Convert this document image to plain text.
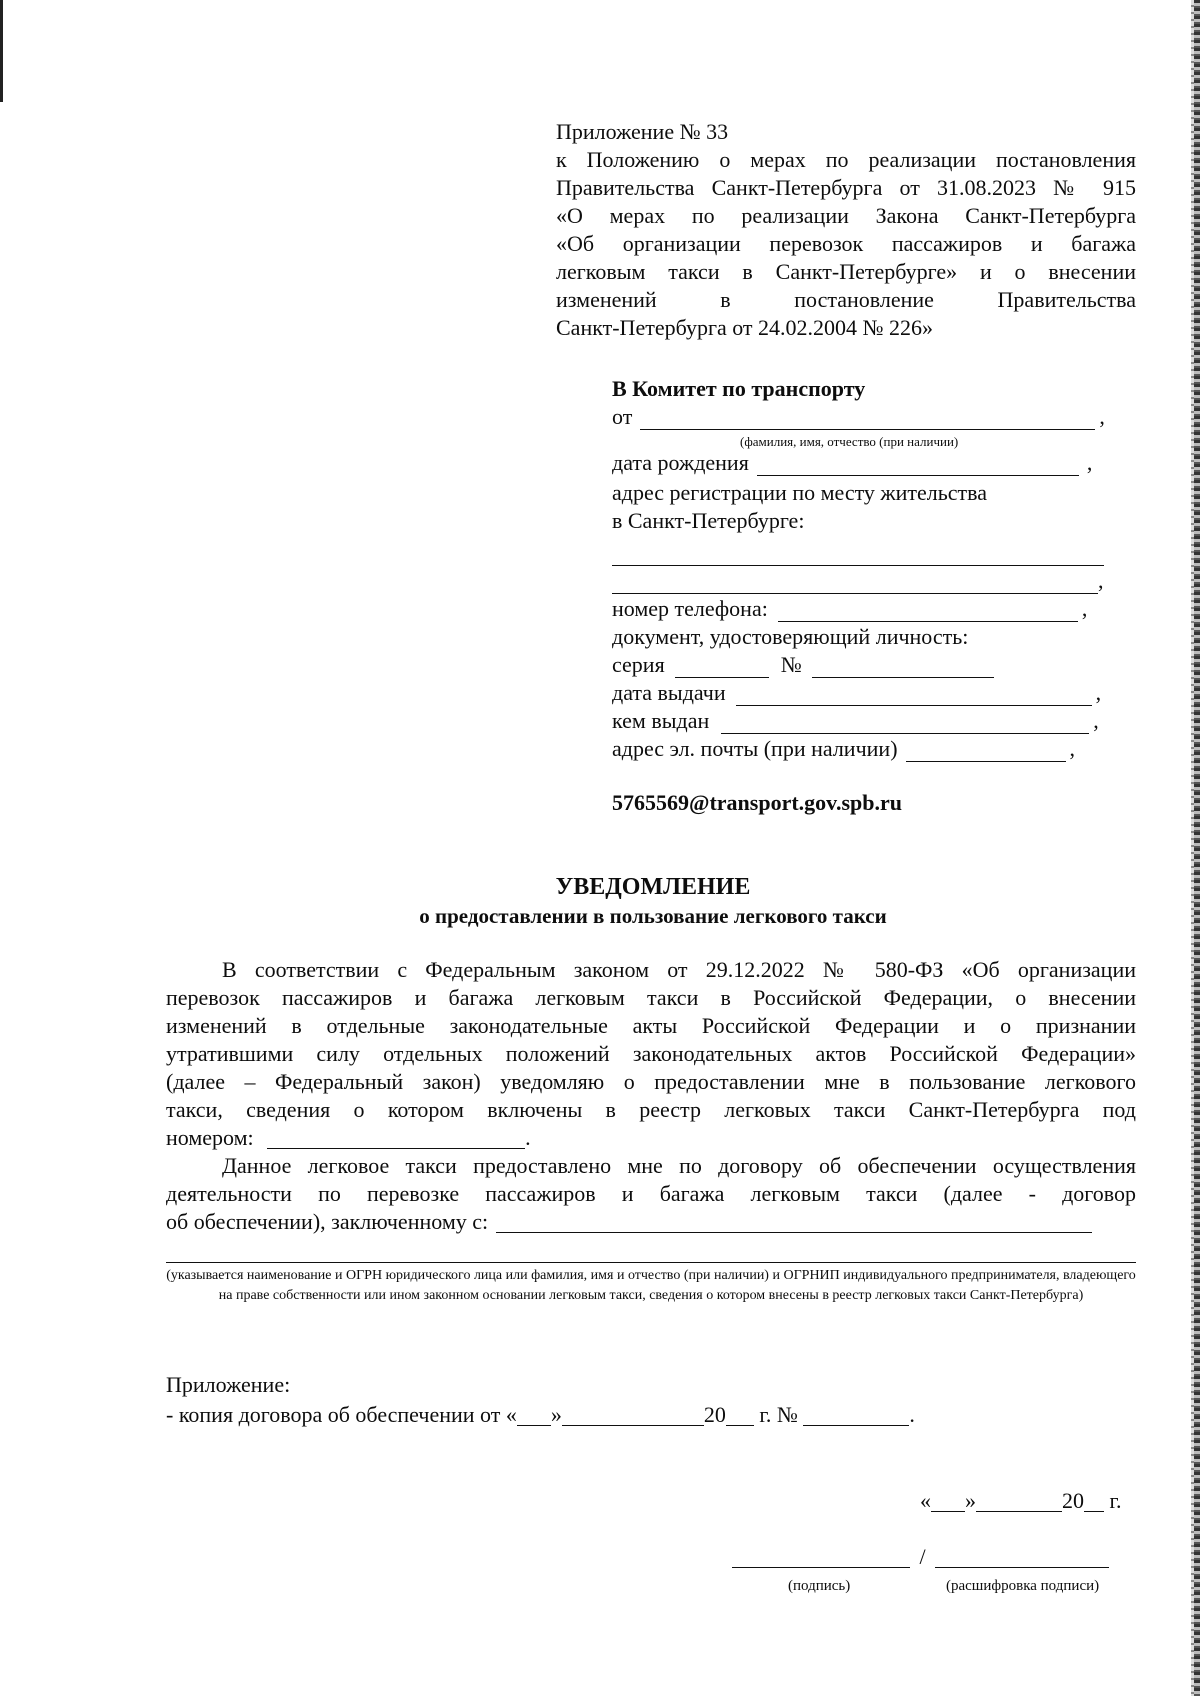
Приложение № 33
к Положению о мерах по реализации постановления
Правительства Санкт-Петербурга от 31.08.2023 № 915
«О мерах по реализации Закона Санкт-Петербурга
«Об организации перевозок пассажиров и багажа
легковым такси в Санкт-Петербурге» и о внесении
изменений в постановление Правительства
Санкт-Петербурга от 24.02.2004 № 226»
В Комитет по транспорту
от	,
(фамилия, имя, отчество (при наличии)
дата рождения	,
адрес регистрации по месту жительства
в Санкт-Петербурге:
,
номер телефона:	,
документ, удостоверяющий личность:
серия	№
дата выдачи	,
кем выдан	,
адрес эл. почты (при наличии)	,
5765569@transport.gov.spb.ru
УВЕДОМЛЕНИЕ
о предоставлении в пользование легкового такси
В соответствии с Федеральным законом от 29.12.2022 № 580-ФЗ «Об организации
перевозок пассажиров и багажа легковым такси в Российской Федерации, о внесении
изменений в отдельные законодательные акты Российской Федерации и о признании
утратившими силу отдельных положений законодательных актов Российской Федерации»
(далее – Федеральный закон) уведомляю о предоставлении мне в пользование легкового
такси, сведения о котором включены в реестр легковых такси Санкт-Петербурга под
номером:	.
Данное легковое такси предоставлено мне по договору об обеспечении осуществления
деятельности по перевозке пассажиров и багажа легковым такси (далее - договор
об обеспечении), заключенному с:
(указывается наименование и ОГРН юридического лица или фамилия, имя и отчество (при наличии) и ОГРНИП индивидуального предпринимателя, владеющего на праве собственности или ином законном основании легковым такси, сведения о котором внесены в реестр легковых такси Санкт-Петербурга)
Приложение:
- копия договора об обеспечении от « »	20 г. №	.
« »	20 г.
/
(подпись)	(расшифровка подписи)
